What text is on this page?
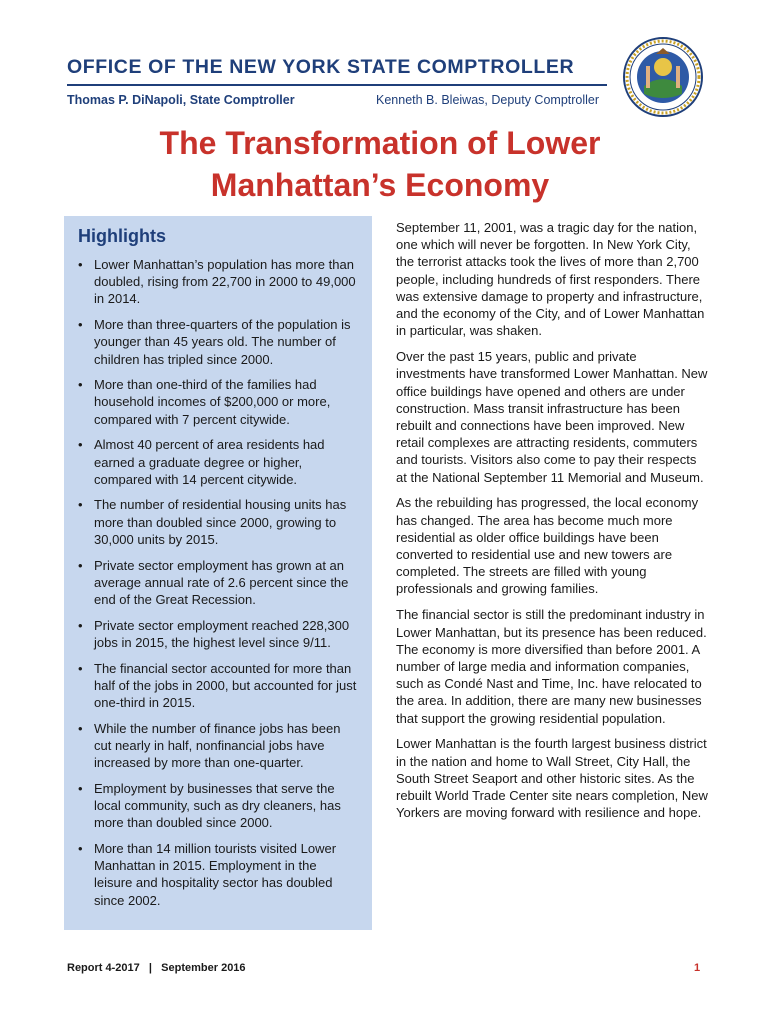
OFFICE OF THE NEW YORK STATE COMPTROLLER
Thomas P. DiNapoli, State Comptroller	Kenneth B. Bleiwas, Deputy Comptroller
The Transformation of Lower
Manhattan’s Economy
Highlights
• Lower Manhattan’s population has more than doubled, rising from 22,700 in 2000 to 49,000 in 2014.
• More than three-quarters of the population is younger than 45 years old. The number of children has tripled since 2000.
• More than one-third of the families had household incomes of $200,000 or more, compared with 7 percent citywide.
• Almost 40 percent of area residents had earned a graduate degree or higher, compared with 14 percent citywide.
• The number of residential housing units has more than doubled since 2000, growing to 30,000 units by 2015.
• Private sector employment has grown at an average annual rate of 2.6 percent since the end of the Great Recession.
• Private sector employment reached 228,300 jobs in 2015, the highest level since 9/11.
• The financial sector accounted for more than half of the jobs in 2000, but accounted for just one-third in 2015.
• While the number of finance jobs has been cut nearly in half, nonfinancial jobs have increased by more than one-quarter.
• Employment by businesses that serve the local community, such as dry cleaners, has more than doubled since 2000.
• More than 14 million tourists visited Lower Manhattan in 2015. Employment in the leisure and hospitality sector has doubled since 2002.

September 11, 2001, was a tragic day for the nation, one which will never be forgotten. In New York City, the terrorist attacks took the lives of more than 2,700 people, including hundreds of first responders. There was extensive damage to property and infrastructure, and the economy of the City, and of Lower Manhattan in particular, was shaken.

Over the past 15 years, public and private investments have transformed Lower Manhattan. New office buildings have opened and others are under construction. Mass transit infrastructure has been rebuilt and connections have been improved. New retail complexes are attracting residents, commuters and tourists. Visitors also come to pay their respects at the National September 11 Memorial and Museum.

As the rebuilding has progressed, the local economy has changed. The area has become much more residential as older office buildings have been converted to residential use and new towers are completed. The streets are filled with young professionals and growing families.

The financial sector is still the predominant industry in Lower Manhattan, but its presence has been reduced. The economy is more diversified than before 2001. A number of large media and information companies, such as Condé Nast and Time, Inc. have relocated to the area. In addition, there are many new businesses that support the growing residential population.

Lower Manhattan is the fourth largest business district in the nation and home to Wall Street, City Hall, the South Street Seaport and other historic sites. As the rebuilt World Trade Center site nears completion, New Yorkers are moving forward with resilience and hope.

Report 4-2017   |   September 2016	1
